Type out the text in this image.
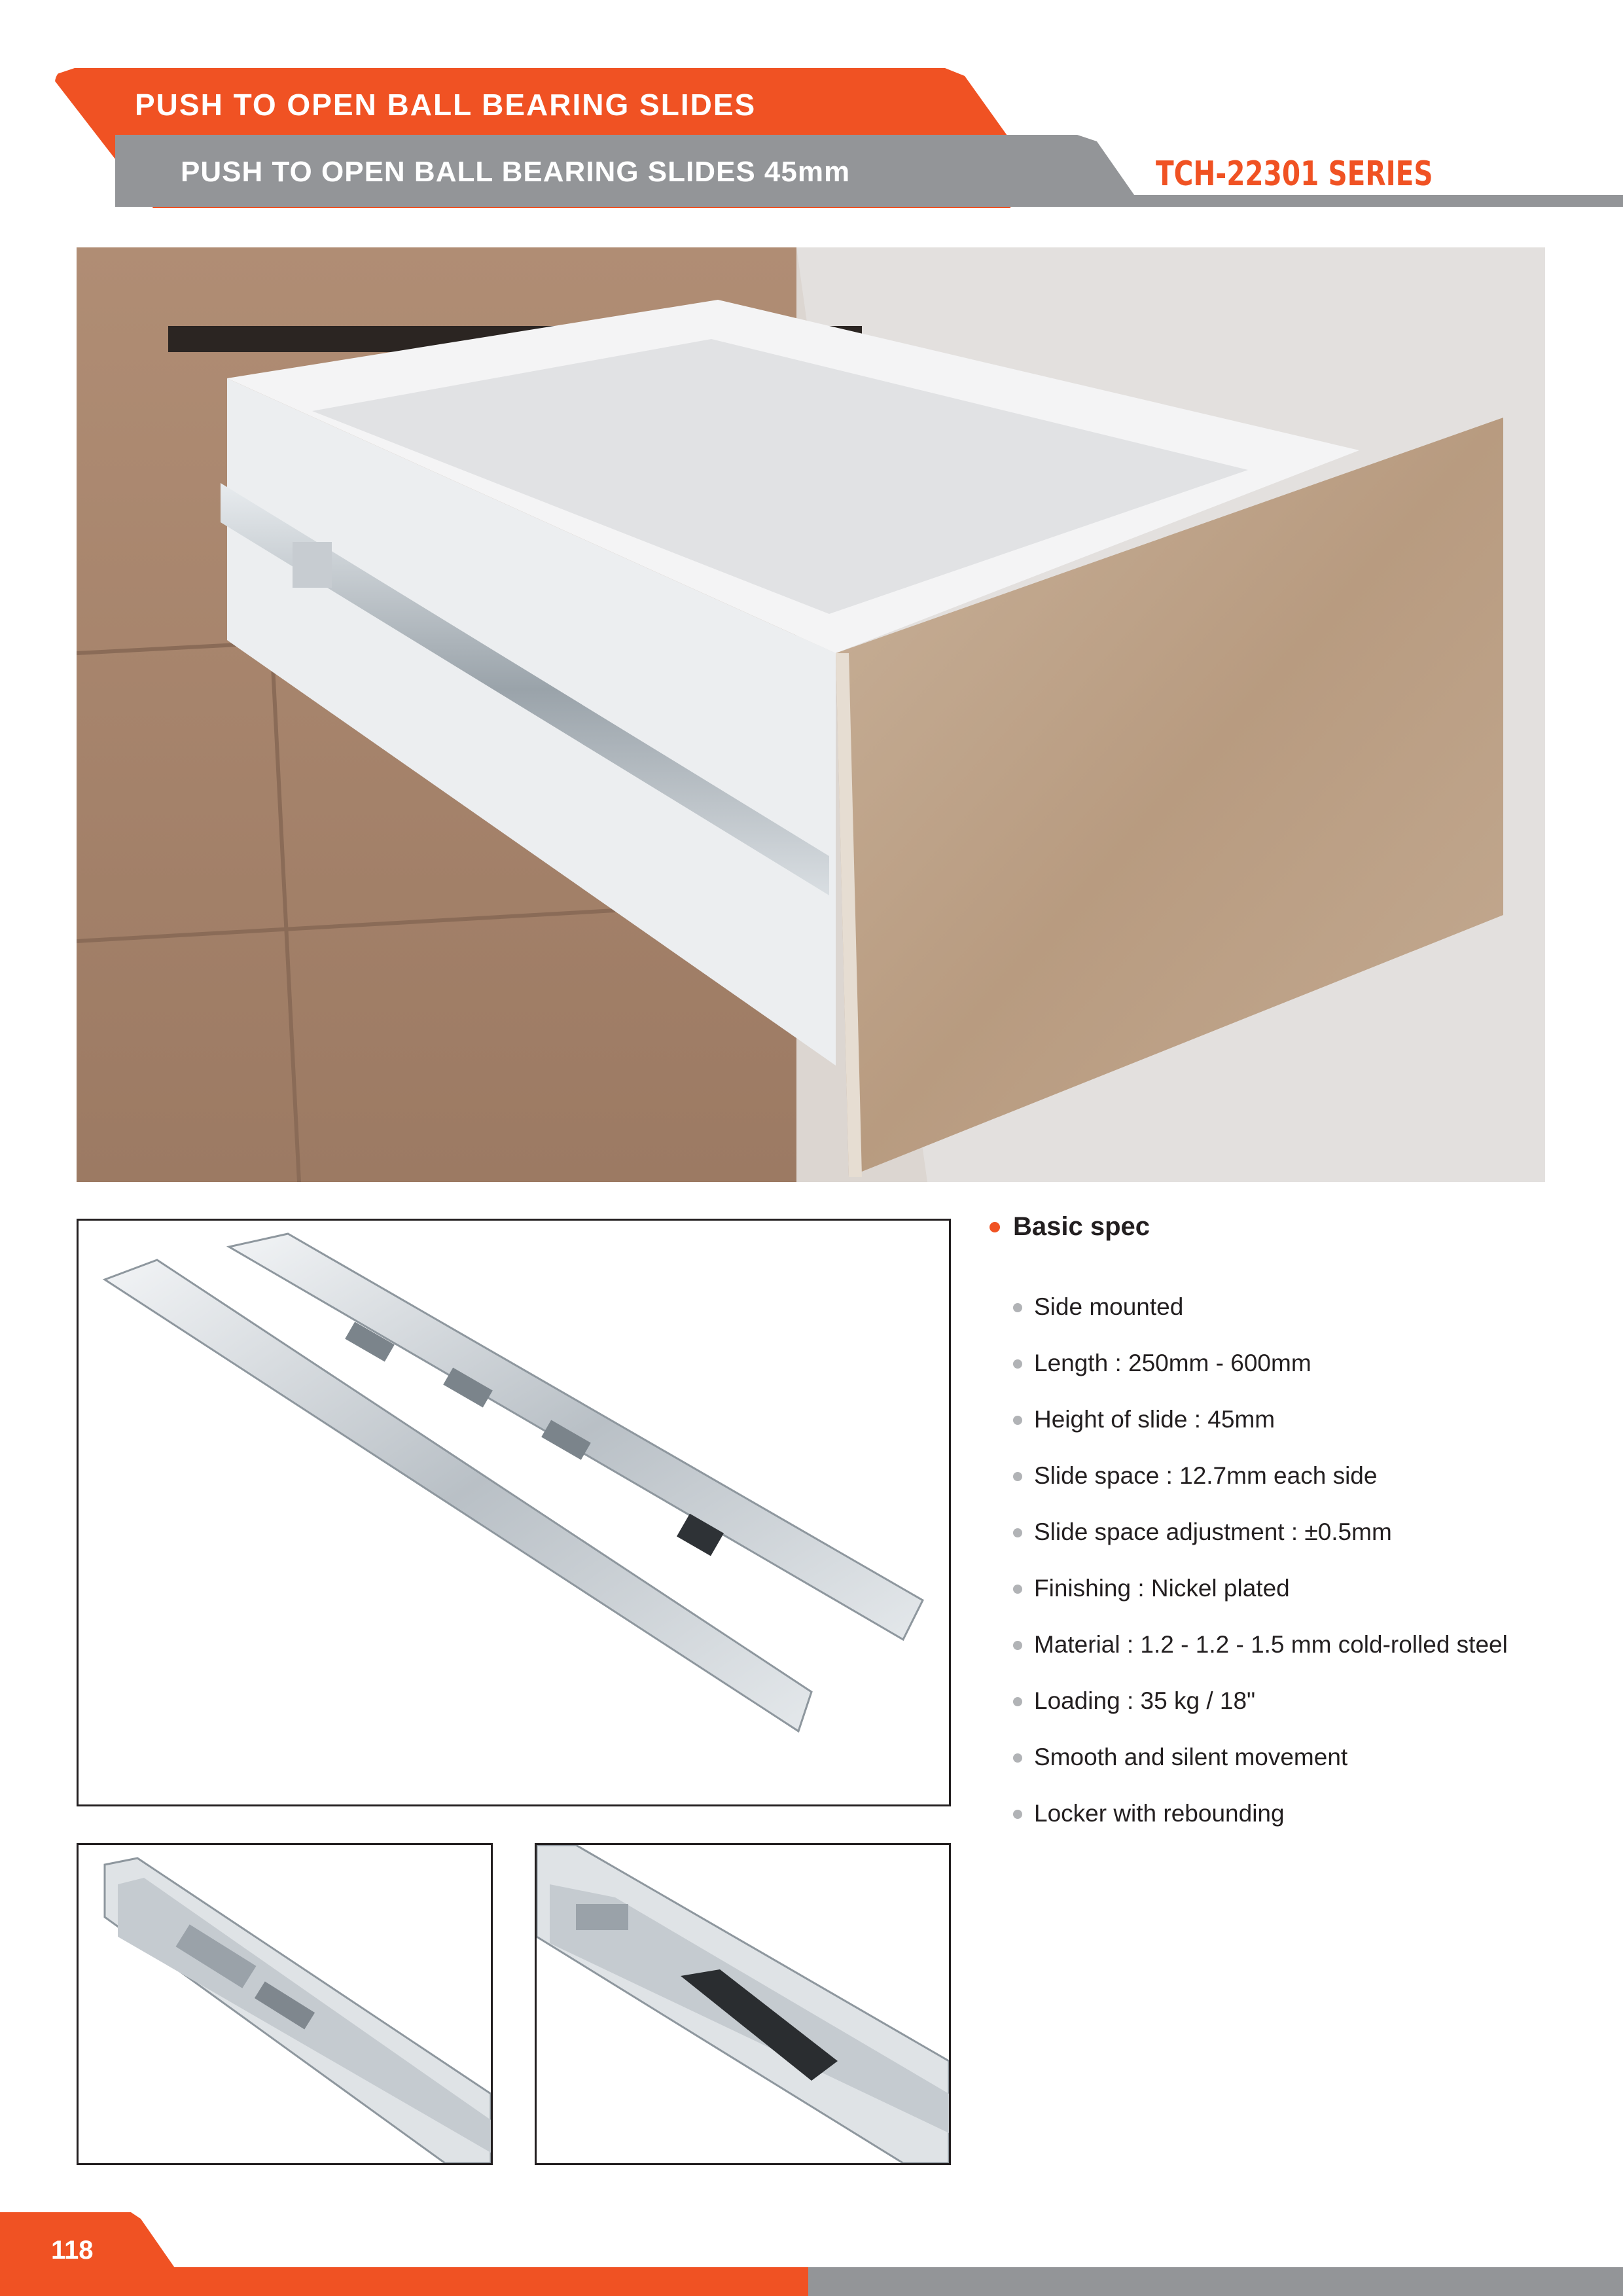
PUSH TO OPEN BALL BEARING SLIDES
PUSH TO OPEN BALL BEARING SLIDES 45mm	TCH-22301 SERIES
Basic spec
Side mounted
Length : 250mm - 600mm
Height of slide : 45mm
Slide space : 12.7mm each side
Slide space adjustment : ±0.5mm
Finishing : Nickel plated
Material : 1.2 - 1.2 - 1.5 mm cold-rolled steel
Loading : 35 kg / 18"
Smooth and silent movement
Locker with rebounding
118
